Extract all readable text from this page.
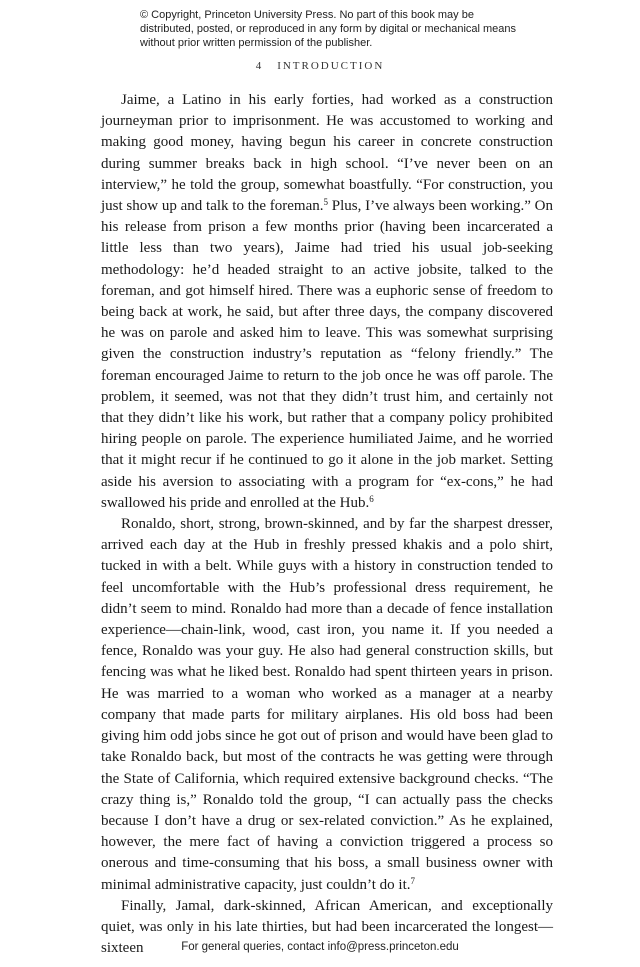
© Copyright, Princeton University Press. No part of this book may be distributed, posted, or reproduced in any form by digital or mechanical means without prior written permission of the publisher.
4 INTRODUCTION

Jaime, a Latino in his early forties, had worked as a construction journeyman prior to imprisonment. He was accustomed to working and making good money, having begun his career in concrete construction during summer breaks back in high school. “I’ve never been on an interview,” he told the group, somewhat boastfully. “For construction, you just show up and talk to the foreman.$^5$ Plus, I’ve always been working.” On his release from prison a few months prior (having been incarcerated a little less than two years), Jaime had tried his usual job-seeking methodology: he’d headed straight to an active jobsite, talked to the foreman, and got himself hired. There was a euphoric sense of freedom to being back at work, he said, but after three days, the company discovered he was on parole and asked him to leave. This was somewhat surprising given the construction industry’s reputation as “felony friendly.” The foreman encouraged Jaime to return to the job once he was off parole. The problem, it seemed, was not that they didn’t trust him, and certainly not that they didn’t like his work, but rather that a company policy prohibited hiring people on parole. The experience humiliated Jaime, and he worried that it might recur if he continued to go it alone in the job market. Setting aside his aversion to associating with a program for “ex-cons,” he had swallowed his pride and enrolled at the Hub.$^6$

Ronaldo, short, strong, brown-skinned, and by far the sharpest dresser, arrived each day at the Hub in freshly pressed khakis and a polo shirt, tucked in with a belt. While guys with a history in construction tended to feel uncomfortable with the Hub’s professional dress requirement, he didn’t seem to mind. Ronaldo had more than a decade of fence installation experience—chain-link, wood, cast iron, you name it. If you needed a fence, Ronaldo was your guy. He also had general construction skills, but fencing was what he liked best. Ronaldo had spent thirteen years in prison. He was married to a woman who worked as a manager at a nearby company that made parts for military airplanes. His old boss had been giving him odd jobs since he got out of prison and would have been glad to take Ronaldo back, but most of the contracts he was getting were through the State of California, which required extensive background checks. “The crazy thing is,” Ronaldo told the group, “I can actually pass the checks because I don’t have a drug or sex-related conviction.” As he explained, however, the mere fact of having a conviction triggered a process so onerous and time-consuming that his boss, a small business owner with minimal administrative capacity, just couldn’t do it.$^7$

Finally, Jamal, dark-skinned, African American, and exceptionally quiet, was only in his late thirties, but had been incarcerated the longest—sixteen	For general queries, contact info@press.princeton.edu
